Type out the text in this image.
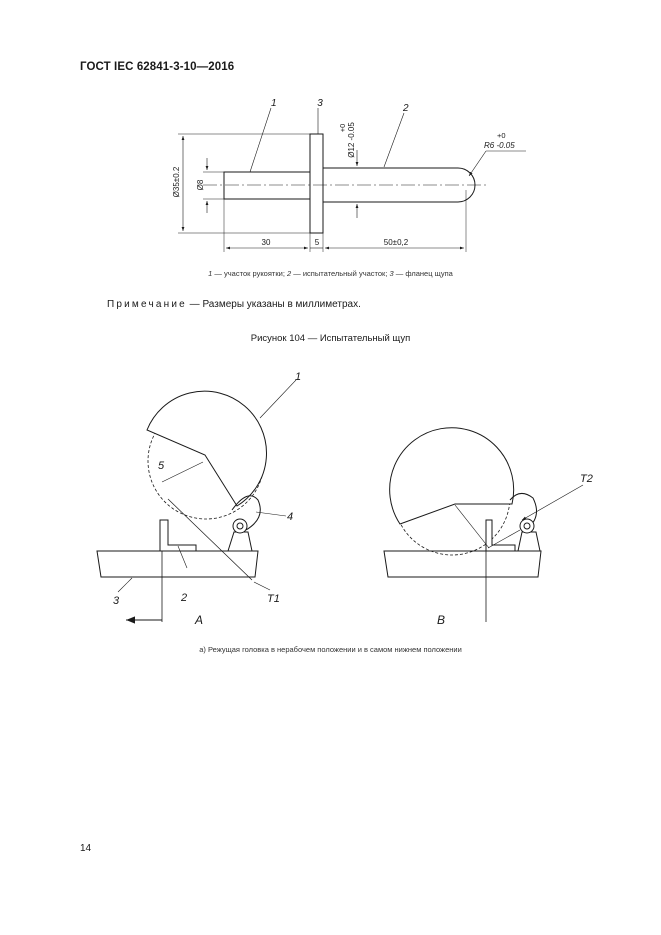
ГОСТ IEC 62841-3-10—2016
1	3	2
Ø35±0.2 Ø8
+0 Ø12 -0.05	+0
R6 -0.05
30	5	50±0,2
1
4
5
2
3	T1
T2
A	B
1 — участок рукоятки; 2 — испытательный участок; 3 — фланец щупа
Примечание — Размеры указаны в миллиметрах.
Рисунок 104 — Испытательный щуп
а) Режущая головка в нерабочем положении и в самом нижнем положении
14
